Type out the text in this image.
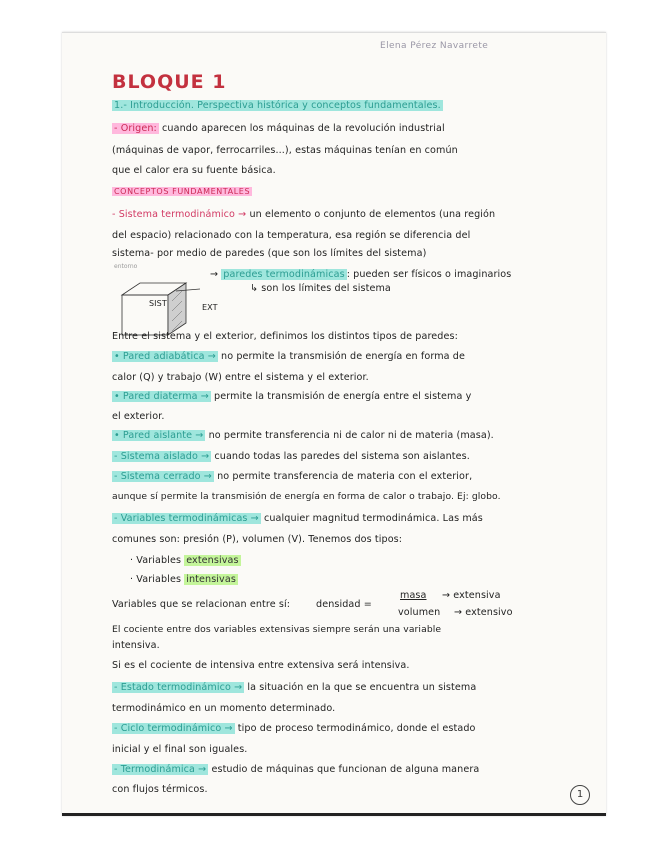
Elena Pérez Navarrete
BLOQUE 1
1.- Introducción. Perspectiva histórica y conceptos fundamentales.
- Origen: cuando aparecen los máquinas de la revolución industrial
(máquinas de vapor, ferrocarriles...), estas máquinas tenían en común
que el calor era su fuente básica.
CONCEPTOS FUNDAMENTALES
- Sistema termodinámico → un elemento o conjunto de elementos (una región
del espacio) relacionado con la temperatura, esa región se diferencia del
entorno
sistema- por medio de paredes (que son los límites del sistema)
SIST	EXT
→ paredes termodinámicas : pueden ser físicos o imaginarios
↳ son los límites del sistema
Entre el sistema y el exterior, definimos los distintos tipos de paredes:
• Pared adiabática → no permite la transmisión de energía en forma de
calor (Q) y trabajo (W) entre el sistema y el exterior.
• Pared diaterma → permite la transmisión de energía entre el sistema y
el exterior.
• Pared aislante → no permite transferencia ni de calor ni de materia (masa).
- Sistema aislado → cuando todas las paredes del sistema son aislantes.
- Sistema cerrado → no permite transferencia de materia con el exterior,
aunque sí permite la transmisión de energía en forma de calor o trabajo. Ej: globo.
- Variables termodinámicas → cualquier magnitud termodinámica. Las más
comunes son: presión (P), volumen (V). Tenemos dos tipos:
· Variables extensivas
· Variables intensivas
Variables que se relacionan entre sí:	densidad =
masa
volumen
→ extensiva
→ extensivo
El cociente entre dos variables extensivas siempre serán una variable
intensiva.
Si es el cociente de intensiva entre extensiva será intensiva.
- Estado termodinámico → la situación en la que se encuentra un sistema
termodinámico en un momento determinado.
- Ciclo termodinámico → tipo de proceso termodinámico, donde el estado
inicial y el final son iguales.
- Termodinámica → estudio de máquinas que funcionan de alguna manera
con flujos térmicos.	1
